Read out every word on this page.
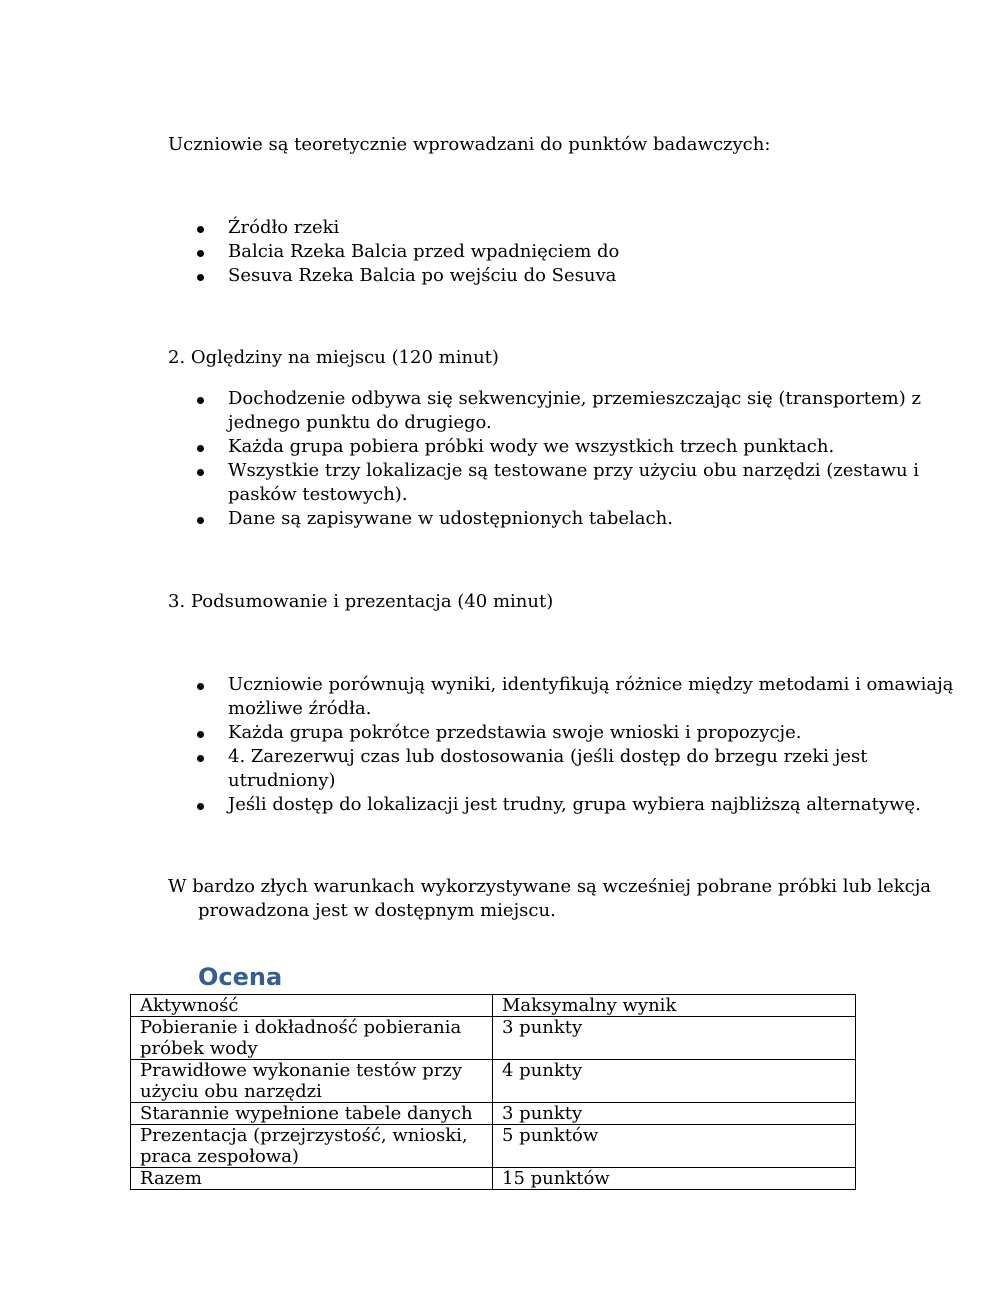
Uczniowie są teoretycznie wprowadzani do punktów badawczych:

Źródło rzeki
Balcia Rzeka Balcia przed wpadnięciem do
Sesuva Rzeka Balcia po wejściu do Sesuva

2. Oględziny na miejscu (120 minut)

Dochodzenie odbywa się sekwencyjnie, przemieszczając się (transportem) z jednego punktu do drugiego.
Każda grupa pobiera próbki wody we wszystkich trzech punktach.
Wszystkie trzy lokalizacje są testowane przy użyciu obu narzędzi (zestawu i pasków testowych).
Dane są zapisywane w udostępnionych tabelach.

3. Podsumowanie i prezentacja (40 minut)

Uczniowie porównują wyniki, identyfikują różnice między metodami i omawiają możliwe źródła.
Każda grupa pokrótce przedstawia swoje wnioski i propozycje.
4. Zarezerwuj czas lub dostosowania (jeśli dostęp do brzegu rzeki jest utrudniony)
Jeśli dostęp do lokalizacji jest trudny, grupa wybiera najbliższą alternatywę.

W bardzo złych warunkach wykorzystywane są wcześniej pobrane próbki lub lekcja prowadzona jest w dostępnym miejscu.

Ocena
Aktywność	Maksymalny wynik
Pobieranie i dokładność pobierania próbek wody	3 punkty
Prawidłowe wykonanie testów przy użyciu obu narzędzi	4 punkty
Starannie wypełnione tabele danych	3 punkty
Prezentacja (przejrzystość, wnioski, praca zespołowa)	5 punktów
Razem	15 punktów
